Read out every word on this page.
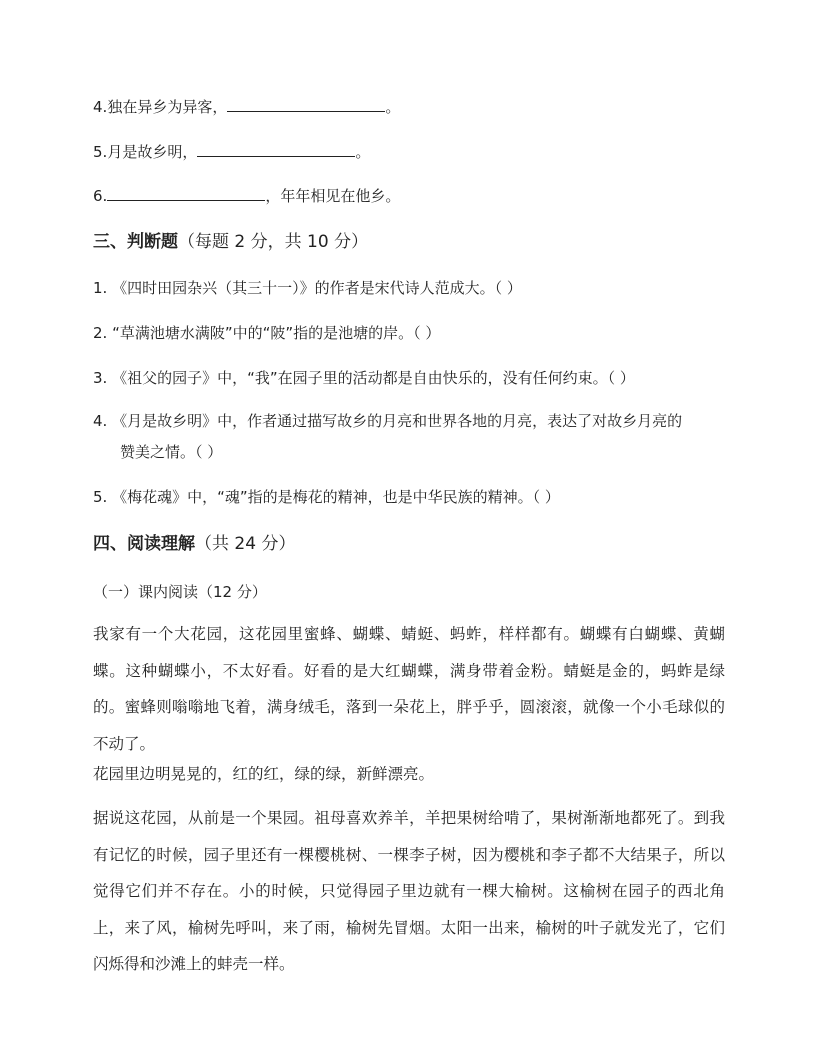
4.独在异乡为异客，	。
5.月是故乡明，	。
6.	，年年相见在他乡。
三、判断题（每题 2 分，共 10 分）
1. 《四时田园杂兴（其三十一）》的作者是宋代诗人范成大。（ ）
2. “草满池塘水满陂”中的“陂”指的是池塘的岸。（ ）
3. 《祖父的园子》中，“我”在园子里的活动都是自由快乐的，没有任何约束。（ ）
4. 《月是故乡明》中，作者通过描写故乡的月亮和世界各地的月亮，表达了对故乡月亮的
赞美之情。（ ）
5. 《梅花魂》中，“魂”指的是梅花的精神，也是中华民族的精神。（ ）
四、阅读理解（共 24 分）
（一）课内阅读（12 分）
我家有一个大花园，这花园里蜜蜂、蝴蝶、蜻蜓、蚂蚱，样样都有。蝴蝶有白蝴蝶、黄蝴蝶。这种蝴蝶小，不太好看。好看的是大红蝴蝶，满身带着金粉。蜻蜓是金的，蚂蚱是绿的。蜜蜂则嗡嗡地飞着，满身绒毛，落到一朵花上，胖乎乎，圆滚滚，就像一个小毛球似的不动了。
花园里边明晃晃的，红的红，绿的绿，新鲜漂亮。
据说这花园，从前是一个果园。祖母喜欢养羊，羊把果树给啃了，果树渐渐地都死了。到我有记忆的时候，园子里还有一棵樱桃树、一棵李子树，因为樱桃和李子都不大结果子，所以觉得它们并不存在。小的时候，只觉得园子里边就有一棵大榆树。这榆树在园子的西北角上，来了风，榆树先呼叫，来了雨，榆树先冒烟。太阳一出来，榆树的叶子就发光了，它们闪烁得和沙滩上的蚌壳一样。
